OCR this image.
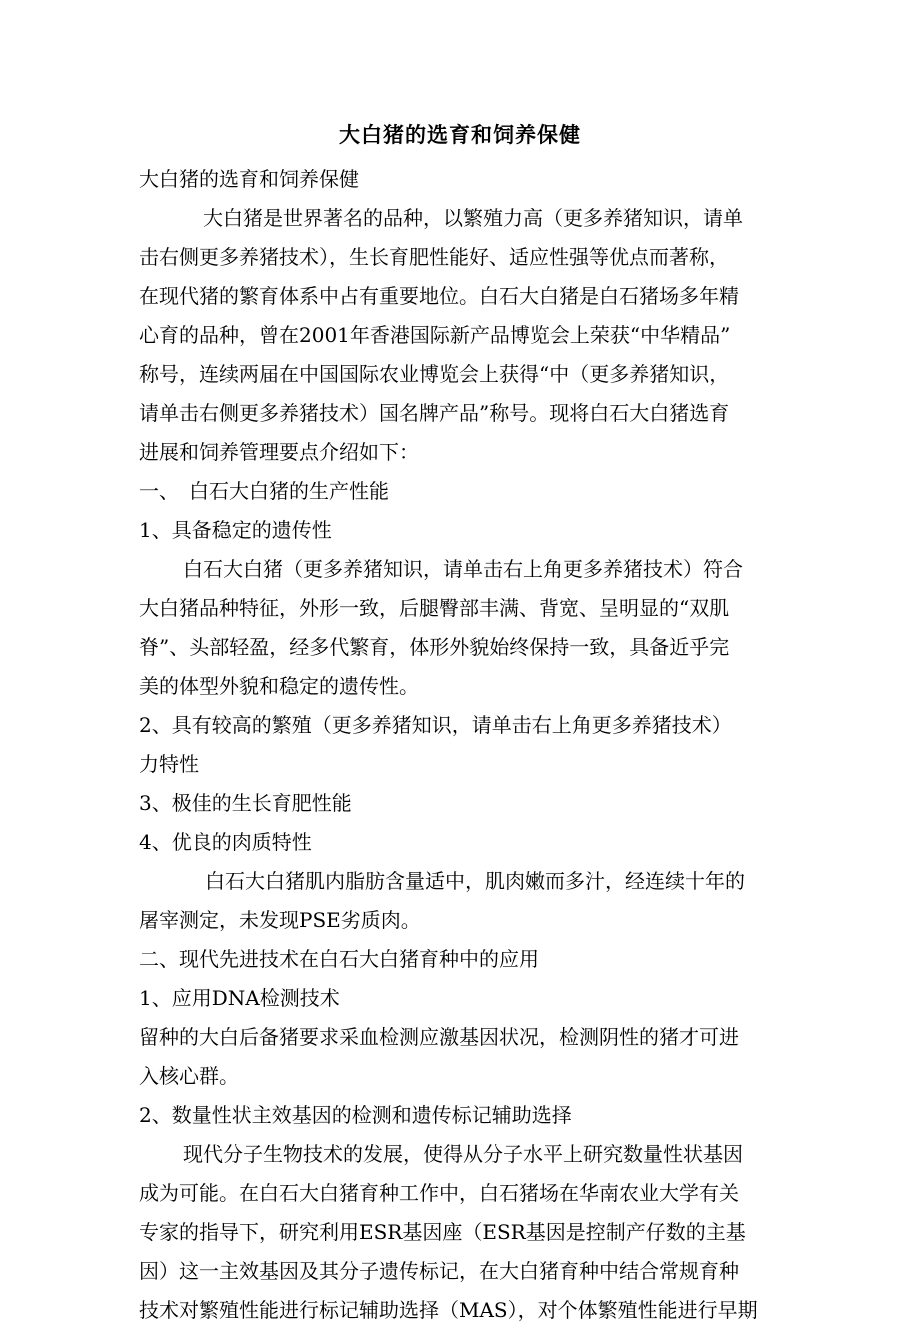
大白猪的选育和饲养保健

大白猪的选育和饲养保健

大白猪是世界著名的品种，以繁殖力高（更多养猪知识，请单

击右侧更多养猪技术），生长育肥性能好、适应性强等优点而著称，

在现代猪的繁育体系中占有重要地位。白石大白猪是白石猪场多年精

心育的品种，曾在2001年香港国际新产品博览会上荣获“中华精品”

称号，连续两届在中国国际农业博览会上获得“中（更多养猪知识，

请单击右侧更多养猪技术）国名牌产品”称号。现将白石大白猪选育

进展和饲养管理要点介绍如下：

一、　白石大白猪的生产性能

1、具备稳定的遗传性

白石大白猪（更多养猪知识，请单击右上角更多养猪技术）符合

大白猪品种特征，外形一致，后腿臀部丰满、背宽、呈明显的“双肌

脊”、头部轻盈，经多代繁育，体形外貌始终保持一致，具备近乎完

美的体型外貌和稳定的遗传性。

2、具有较高的繁殖（更多养猪知识，请单击右上角更多养猪技术）

力特性

3、极佳的生长育肥性能

4、优良的肉质特性

白石大白猪肌内脂肪含量适中，肌肉嫩而多汁，经连续十年的

屠宰测定，未发现PSE劣质肉。

二、现代先进技术在白石大白猪育种中的应用

1、应用DNA检测技术

留种的大白后备猪要求采血检测应激基因状况，检测阴性的猪才可进

入核心群。

2、数量性状主效基因的检测和遗传标记辅助选择

现代分子生物技术的发展，使得从分子水平上研究数量性状基因

成为可能。在白石大白猪育种工作中，白石猪场在华南农业大学有关

专家的指导下，研究利用ESR基因座（ESR基因是控制产仔数的主基

因）这一主效基因及其分子遗传标记，在大白猪育种中结合常规育种

技术对繁殖性能进行标记辅助选择（MAS），对个体繁殖性能进行早期
